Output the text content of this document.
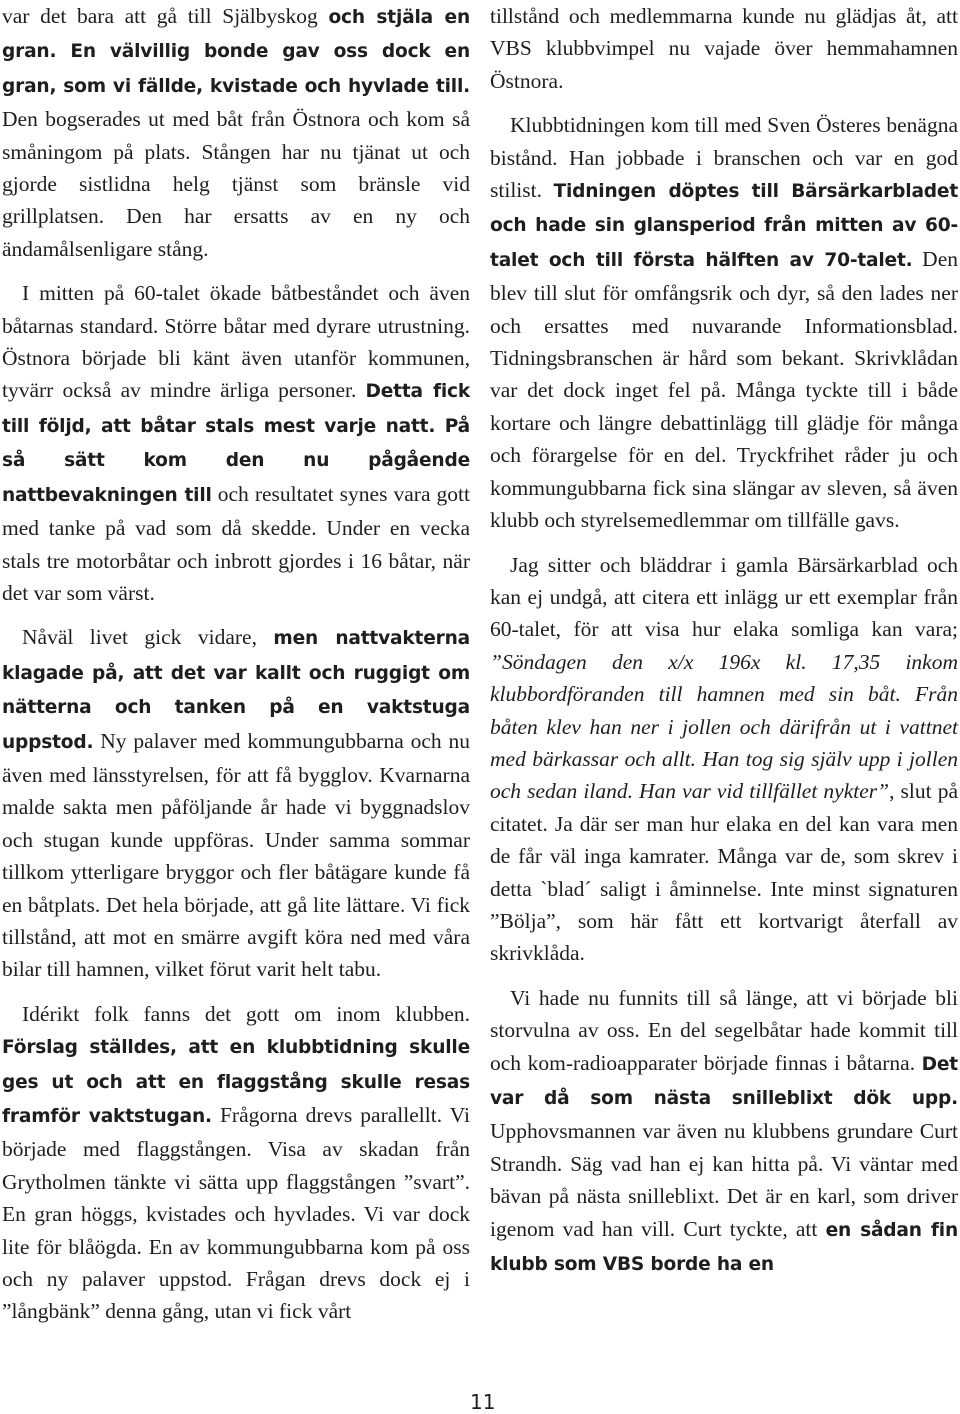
var det bara att gå till Själbyskog och stjäla en gran. En välvillig bonde gav oss dock en gran, som vi fällde, kvistade och hyvlade till. Den bogserades ut med båt från Östnora och kom så småningom på plats. Stången har nu tjänat ut och gjorde sistlidna helg tjänst som bränsle vid grillplatsen. Den har ersatts av en ny och ändamålsenligare stång.

I mitten på 60-talet ökade båtbeståndet och även båtarnas standard. Större båtar med dyrare utrustning. Östnora började bli känt även utanför kommunen, tyvärr också av mindre ärliga personer. Detta fick till följd, att båtar stals mest varje natt. På så sätt kom den nu pågående nattbevakningen till och resultatet synes vara gott med tanke på vad som då skedde. Under en vecka stals tre motorbåtar och inbrott gjordes i 16 båtar, när det var som värst.

Nåväl livet gick vidare, men nattvakterna klagade på, att det var kallt och ruggigt om nätterna och tanken på en vaktstuga uppstod. Ny palaver med kommungubbarna och nu även med länsstyrelsen, för att få bygglov. Kvarnarna malde sakta men påföljande år hade vi byggnadslov och stugan kunde uppföras. Under samma sommar tillkom ytterligare bryggor och fler båtägare kunde få en båtplats. Det hela började, att gå lite lättare. Vi fick tillstånd, att mot en smärre avgift köra ned med våra bilar till hamnen, vilket förut varit helt tabu.

Idérikt folk fanns det gott om inom klubben. Förslag ställdes, att en klubbtidning skulle ges ut och att en flaggstång skulle resas framför vaktstugan. Frågorna drevs parallellt. Vi började med flaggstången. Visa av skadan från Grytholmen tänkte vi sätta upp flaggstången ”svart”. En gran höggs, kvistades och hyvlades. Vi var dock lite för blåögda. En av kommungubbarna kom på oss och ny palaver uppstod. Frågan drevs dock ej i ”långbänk” denna gång, utan vi fick vårt

tillstånd och medlemmarna kunde nu glädjas åt, att VBS klubbvimpel nu vajade över hemmahamnen Östnora.

Klubbtidningen kom till med Sven Österes benägna bistånd. Han jobbade i branschen och var en god stilist. Tidningen döptes till Bärsärkarbladet och hade sin glansperiod från mitten av 60-talet och till första hälften av 70-talet. Den blev till slut för omfångsrik och dyr, så den lades ner och ersattes med nuvarande Informationsblad. Tidningsbranschen är hård som bekant. Skrivklådan var det dock inget fel på. Många tyckte till i både kortare och längre debattinlägg till glädje för många och förargelse för en del. Tryckfrihet råder ju och kommungubbarna fick sina slängar av sleven, så även klubb och styrelsemedlemmar om tillfälle gavs.

Jag sitter och bläddrar i gamla Bärsärkarblad och kan ej undgå, att citera ett inlägg ur ett exemplar från 60-talet, för att visa hur elaka somliga kan vara; ”Söndagen den x/x 196x kl. 17,35 inkom klubbordföranden till hamnen med sin båt. Från båten klev han ner i jollen och därifrån ut i vattnet med bärkassar och allt. Han tog sig själv upp i jollen och sedan iland. Han var vid tillfället nykter”, slut på citatet. Ja där ser man hur elaka en del kan vara men de får väl inga kamrater. Många var de, som skrev i detta `blad´ saligt i åminnelse. Inte minst signaturen ”Bölja”, som här fått ett kortvarigt återfall av skrivklåda.

Vi hade nu funnits till så länge, att vi började bli storvulna av oss. En del segelbåtar hade kommit till och kom-radioapparater började finnas i båtarna. Det var då som nästa snilleblixt dök upp. Upphovsmannen var även nu klubbens grundare Curt Strandh. Säg vad han ej kan hitta på. Vi väntar med bävan på nästa snilleblixt. Det är en karl, som driver igenom vad han vill. Curt tyckte, att en sådan fin klubb som VBS borde ha en

11
